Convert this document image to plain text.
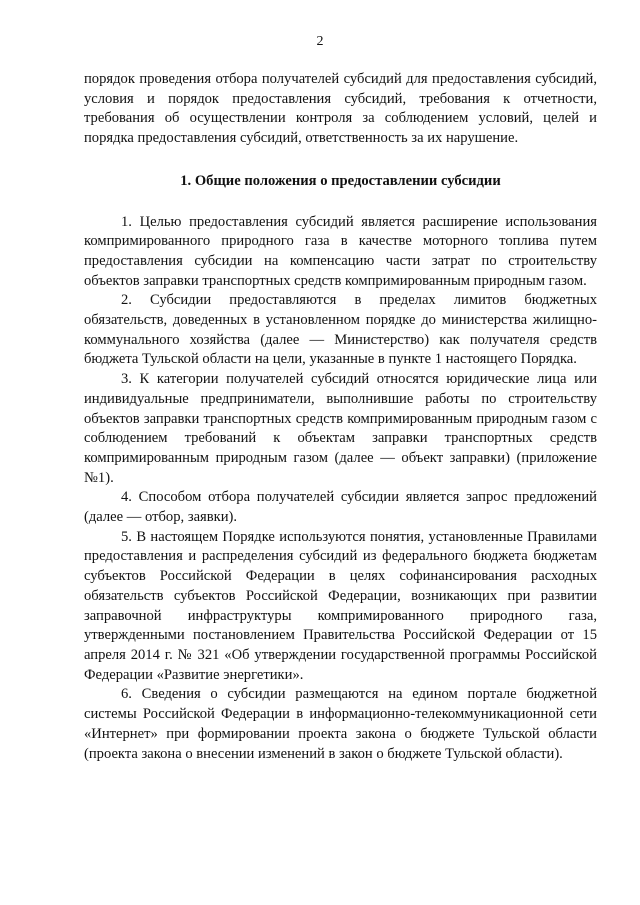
2

порядок проведения отбора получателей субсидий для предоставления субсидий, условия и порядок предоставления субсидий, требования к отчетности, требования об осуществлении контроля за соблюдением условий, целей и порядка предоставления субсидий, ответственность за их нарушение.

1. Общие положения о предоставлении субсидии

1. Целью предоставления субсидий является расширение использования компримированного природного газа в качестве моторного топлива путем предоставления субсидии на компенсацию части затрат по строительству объектов заправки транспортных средств компримированным природным газом.

2. Субсидии предоставляются в пределах лимитов бюджетных обязательств, доведенных в установленном порядке до министерства жилищно-коммунального хозяйства (далее — Министерство) как получателя средств бюджета Тульской области на цели, указанные в пункте 1 настоящего Порядка.

3. К категории получателей субсидий относятся юридические лица или индивидуальные предприниматели, выполнившие работы по строительству объектов заправки транспортных средств компримированным природным газом с соблюдением требований к объектам заправки транспортных средств компримированным природным газом (далее — объект заправки) (приложение №1).

4. Способом отбора получателей субсидии является запрос предложений (далее — отбор, заявки).

5. В настоящем Порядке используются понятия, установленные Правилами предоставления и распределения субсидий из федерального бюджета бюджетам субъектов Российской Федерации в целях софинансирования расходных обязательств субъектов Российской Федерации, возникающих при развитии заправочной инфраструктуры компримированного природного газа, утвержденными постановлением Правительства Российской Федерации от 15 апреля 2014 г. № 321 «Об утверждении государственной программы Российской Федерации «Развитие энергетики».

6. Сведения о субсидии размещаются на едином портале бюджетной системы Российской Федерации в информационно-телекоммуникационной сети «Интернет» при формировании проекта закона о бюджете Тульской области (проекта закона о внесении изменений в закон о бюджете Тульской области).
